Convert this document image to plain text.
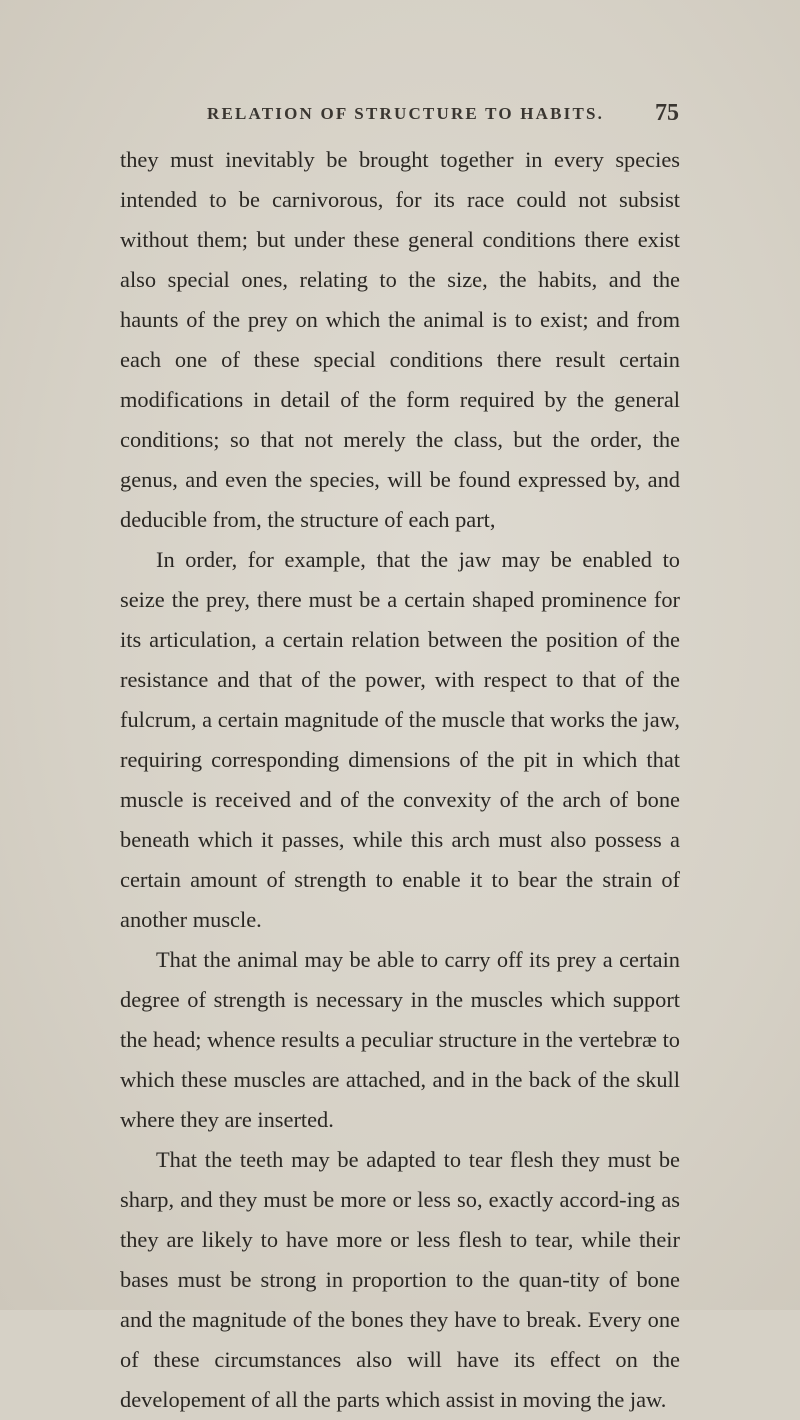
RELATION OF STRUCTURE TO HABITS. 75

they must inevitably be brought together in every species intended to be carnivorous, for its race could not subsist without them; but under these general conditions there exist also special ones, relating to the size, the habits, and the haunts of the prey on which the animal is to exist; and from each one of these special conditions there result certain modifications in detail of the form required by the general conditions; so that not merely the class, but the order, the genus, and even the species, will be found expressed by, and deducible from, the structure of each part,

In order, for example, that the jaw may be enabled to seize the prey, there must be a certain shaped prominence for its articulation, a certain relation between the position of the resistance and that of the power, with respect to that of the fulcrum, a certain magnitude of the muscle that works the jaw, requiring corresponding dimensions of the pit in which that muscle is received and of the convexity of the arch of bone beneath which it passes, while this arch must also possess a certain amount of strength to enable it to bear the strain of another muscle.

That the animal may be able to carry off its prey a certain degree of strength is necessary in the muscles which support the head; whence results a peculiar structure in the vertebræ to which these muscles are attached, and in the back of the skull where they are inserted.

That the teeth may be adapted to tear flesh they must be sharp, and they must be more or less so, exactly accord-ing as they are likely to have more or less flesh to tear, while their bases must be strong in proportion to the quan-tity of bone and the magnitude of the bones they have to break. Every one of these circumstances also will have its effect on the developement of all the parts which assist in moving the jaw.
